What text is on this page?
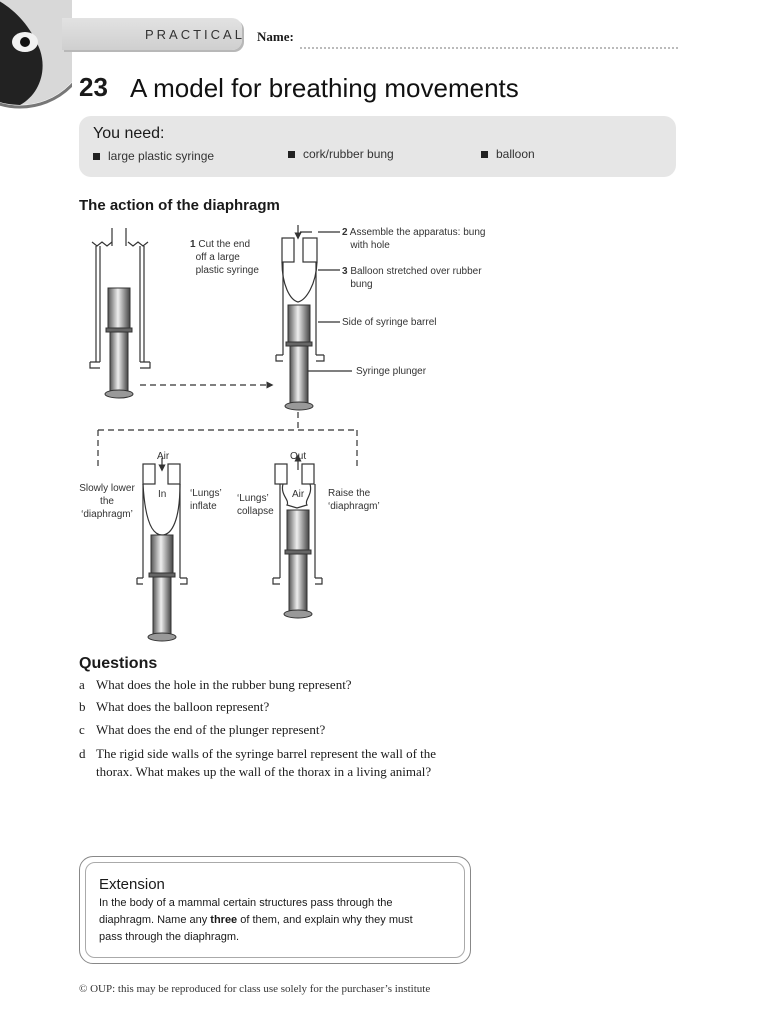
PRACTICAL Name:
23 A model for breathing movements
You need:
large plastic syringe	cork/rubber bung	balloon
The action of the diaphragm
1 Cut the end
off a large
plastic syringe
2 Assemble the apparatus: bung
with hole
3 Balloon stretched over rubber
bung
Side of syringe barrel
Syringe plunger
Air
In
Out
Air
Slowly lower
the
‘diaphragm’
‘Lungs’
inflate
‘Lungs’
collapse
Raise the
‘diaphragm’
Questions
a What does the hole in the rubber bung represent?
b What does the balloon represent?
c What does the end of the plunger represent?
d The rigid side walls of the syringe barrel represent the wall of the
thorax. What makes up the wall of the thorax in a living animal?
Extension
In the body of a mammal certain structures pass through the
diaphragm. Name any three of them, and explain why they must
pass through the diaphragm.
© OUP: this may be reproduced for class use solely for the purchaser’s institute
